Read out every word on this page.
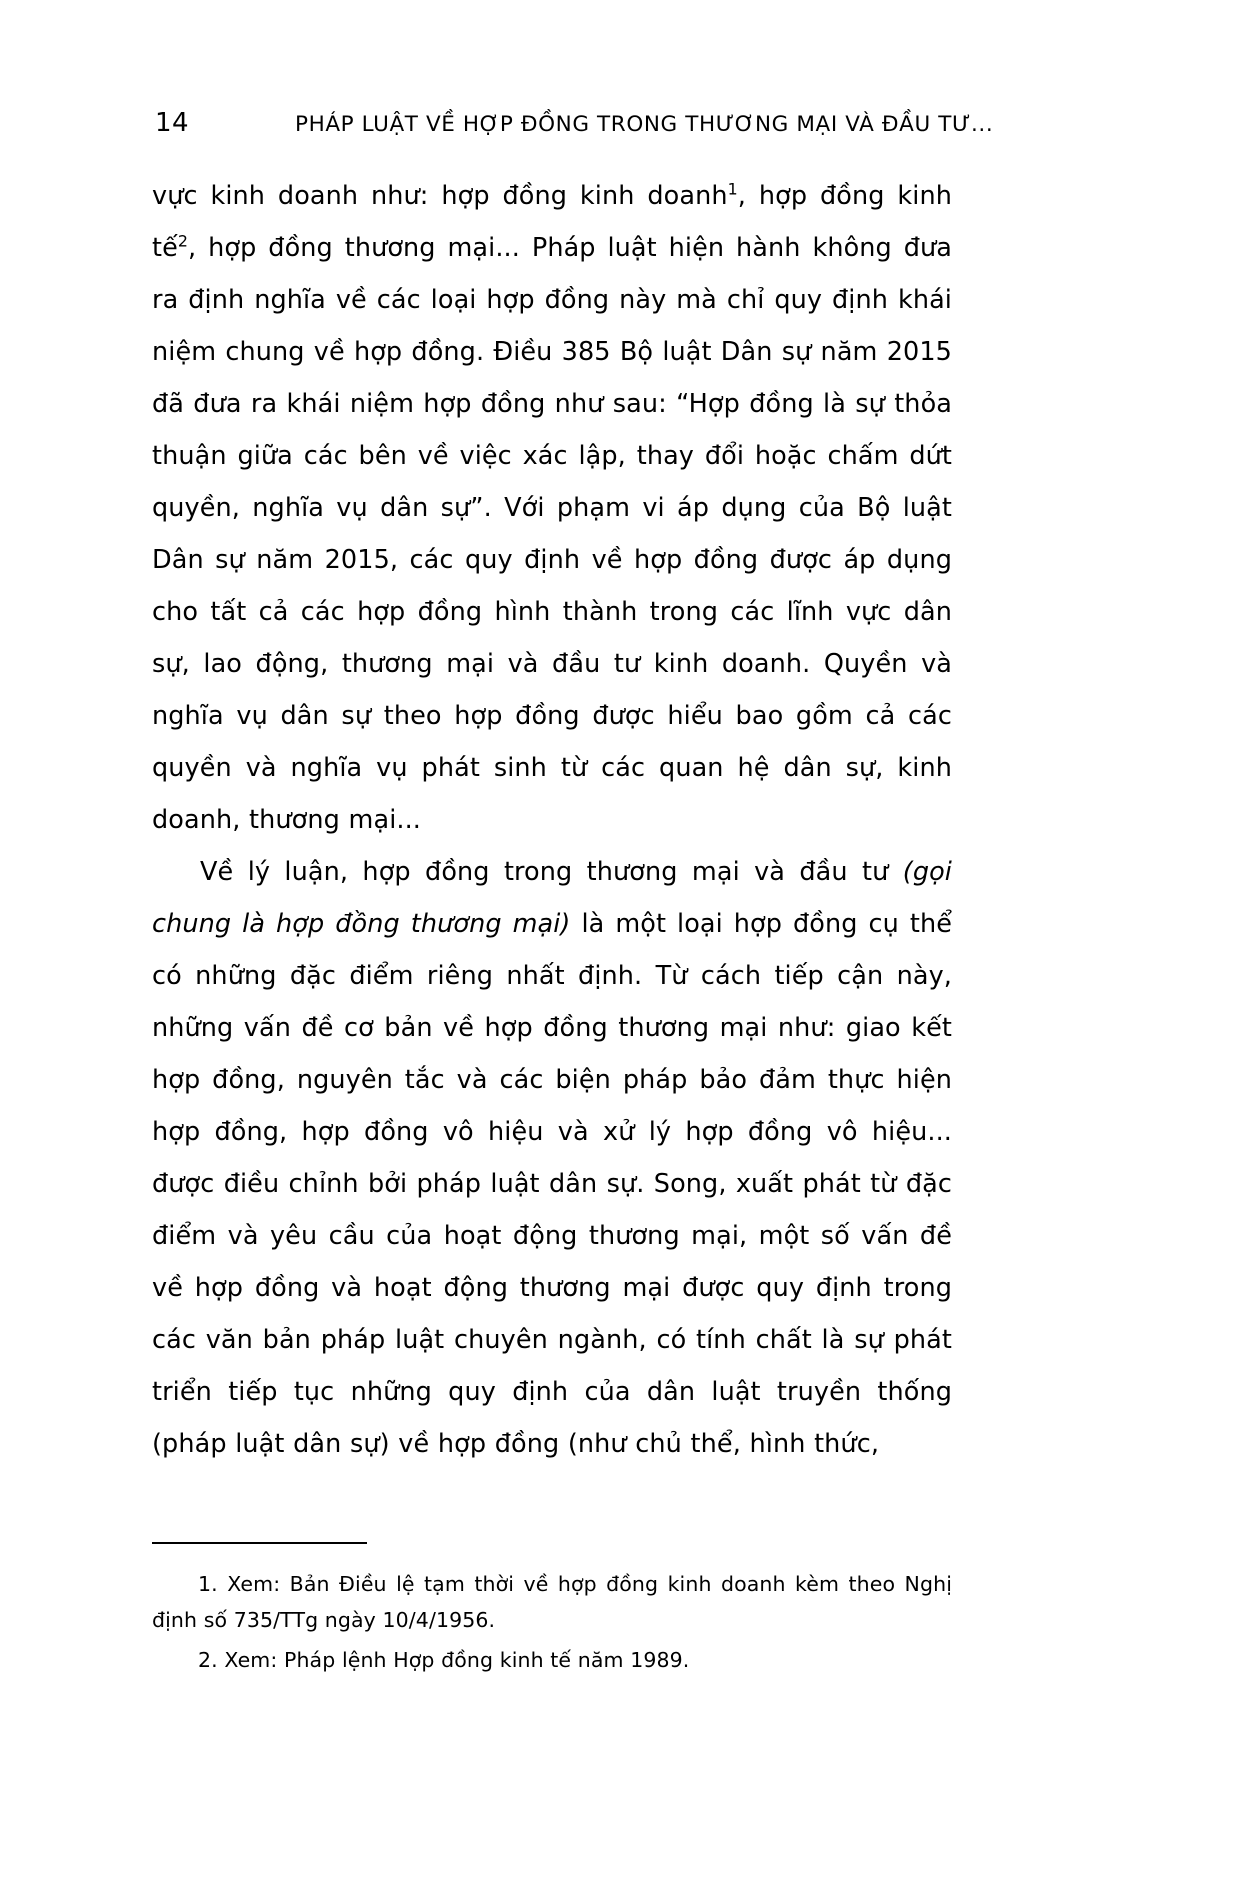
14	PHÁP LUẬT VỀ HỢP ĐỒNG TRONG THƯƠNG MẠI VÀ ĐẦU TƯ...

vực kinh doanh như: hợp đồng kinh doanh$^1$, hợp đồng kinh tế$^2$, hợp đồng thương mại... Pháp luật hiện hành không đưa ra định nghĩa về các loại hợp đồng này mà chỉ quy định khái niệm chung về hợp đồng. Điều 385 Bộ luật Dân sự năm 2015 đã đưa ra khái niệm hợp đồng như sau: “Hợp đồng là sự thỏa thuận giữa các bên về việc xác lập, thay đổi hoặc chấm dứt quyền, nghĩa vụ dân sự”. Với phạm vi áp dụng của Bộ luật Dân sự năm 2015, các quy định về hợp đồng được áp dụng cho tất cả các hợp đồng hình thành trong các lĩnh vực dân sự, lao động, thương mại và đầu tư kinh doanh. Quyền và nghĩa vụ dân sự theo hợp đồng được hiểu bao gồm cả các quyền và nghĩa vụ phát sinh từ các quan hệ dân sự, kinh doanh, thương mại...

Về lý luận, hợp đồng trong thương mại và đầu tư (gọi chung là hợp đồng thương mại) là một loại hợp đồng cụ thể có những đặc điểm riêng nhất định. Từ cách tiếp cận này, những vấn đề cơ bản về hợp đồng thương mại như: giao kết hợp đồng, nguyên tắc và các biện pháp bảo đảm thực hiện hợp đồng, hợp đồng vô hiệu và xử lý hợp đồng vô hiệu... được điều chỉnh bởi pháp luật dân sự. Song, xuất phát từ đặc điểm và yêu cầu của hoạt động thương mại, một số vấn đề về hợp đồng và hoạt động thương mại được quy định trong các văn bản pháp luật chuyên ngành, có tính chất là sự phát triển tiếp tục những quy định của dân luật truyền thống (pháp luật dân sự) về hợp đồng (như chủ thể, hình thức,

1. Xem: Bản Điều lệ tạm thời về hợp đồng kinh doanh kèm theo Nghị định số 735/TTg ngày 10/4/1956.

2. Xem: Pháp lệnh Hợp đồng kinh tế năm 1989.
